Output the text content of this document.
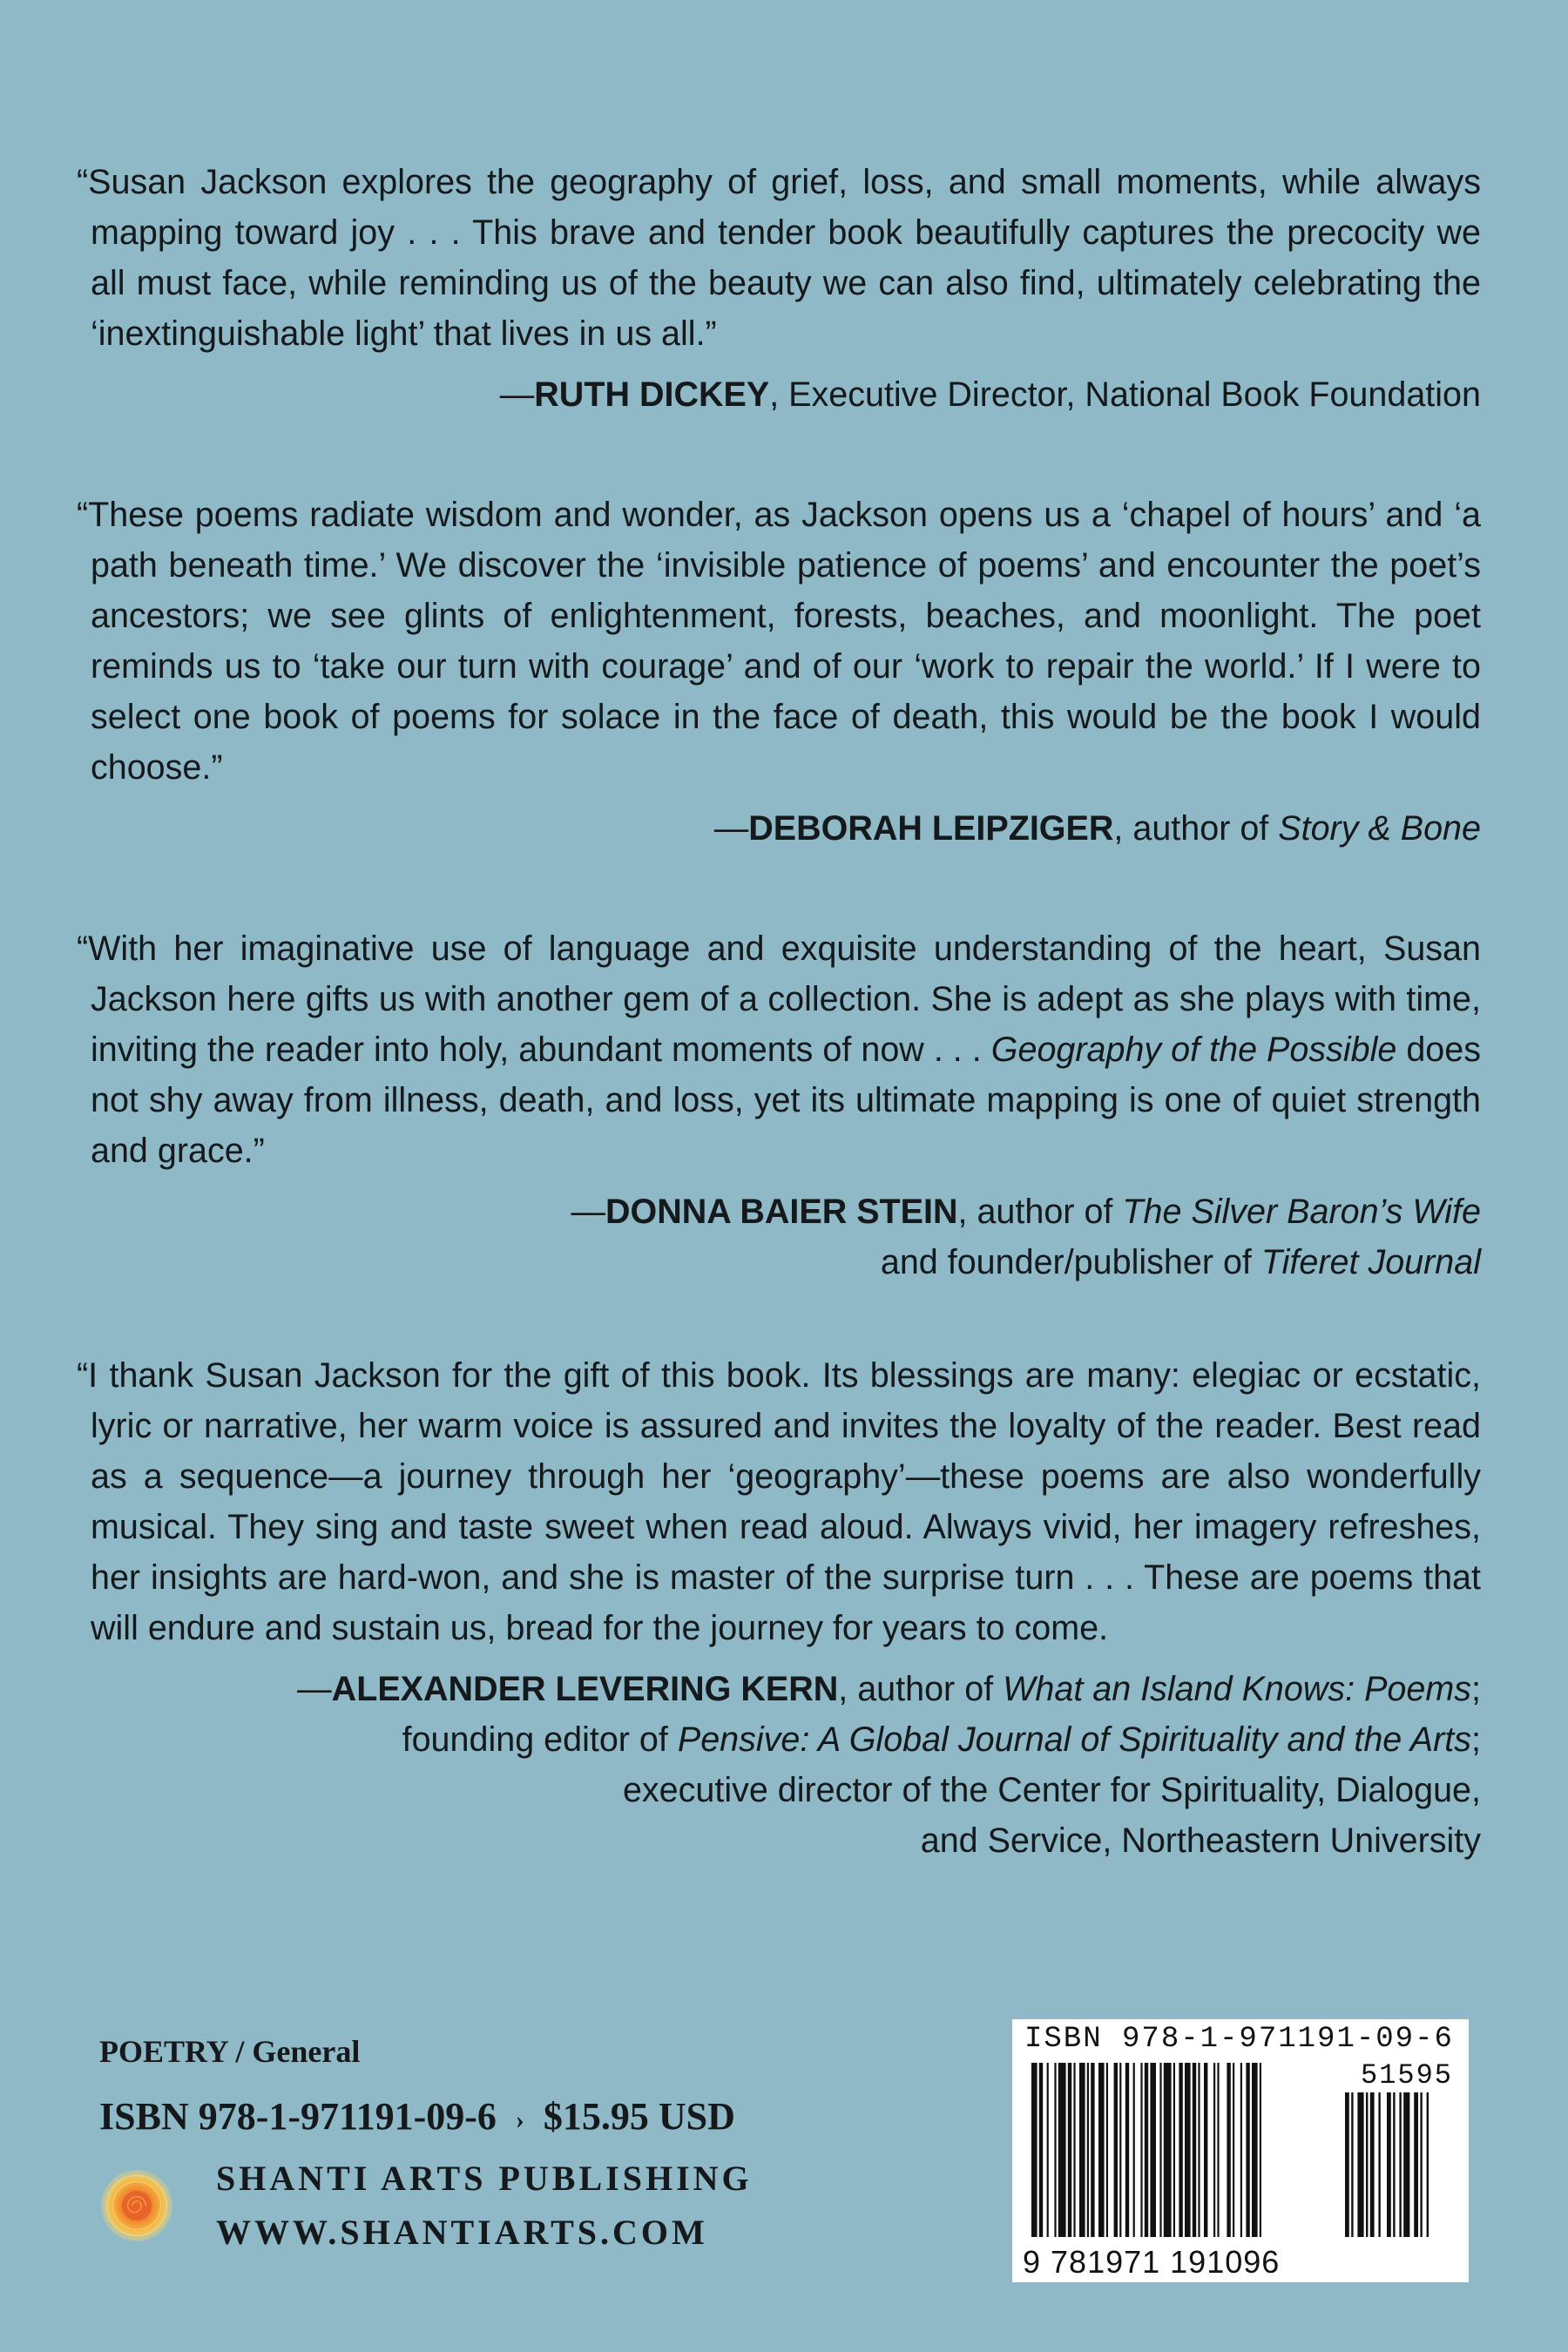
“Susan Jackson explores the geography of grief, loss, and small moments, while always mapping toward joy . . . This brave and tender book beautifully captures the precocity we all must face, while reminding us of the beauty we can also find, ultimately celebrating the ‘inextinguishable light’ that lives in us all.”

—RUTH DICKEY, Executive Director, National Book Foundation

“These poems radiate wisdom and wonder, as Jackson opens us a ‘chapel of hours’ and ‘a path beneath time.’ We discover the ‘invisible patience of poems’ and encounter the poet’s ancestors; we see glints of enlightenment, forests, beaches, and moonlight. The poet reminds us to ‘take our turn with courage’ and of our ‘work to repair the world.’ If I were to select one book of poems for solace in the face of death, this would be the book I would choose.”

—DEBORAH LEIPZIGER, author of Story & Bone

“With her imaginative use of language and exquisite understanding of the heart, Susan Jackson here gifts us with another gem of a collection. She is adept as she plays with time, inviting the reader into holy, abundant moments of now . . . Geography of the Possible does not shy away from illness, death, and loss, yet its ultimate mapping is one of quiet strength and grace.”

—DONNA BAIER STEIN, author of The Silver Baron’s Wife
and founder/publisher of Tiferet Journal

“I thank Susan Jackson for the gift of this book. Its blessings are many: elegiac or ecstatic, lyric or narrative, her warm voice is assured and invites the loyalty of the reader. Best read as a sequence—a journey through her ‘geography’—these poems are also wonderfully musical. They sing and taste sweet when read aloud. Always vivid, her imagery refreshes, her insights are hard-won, and she is master of the surprise turn . . . These are poems that will endure and sustain us, bread for the journey for years to come.

—ALEXANDER LEVERING KERN, author of What an Island Knows: Poems;
founding editor of Pensive: A Global Journal of Spirituality and the Arts;
executive director of the Center for Spirituality, Dialogue,
and Service, Northeastern University
POETRY / General
ISBN 978-1-971191-09-6 › $15.95 USD
SHANTI ARTS PUBLISHING
WWW.SHANTIARTS.COM
ISBN 978-1-971191-09-6
51595
9 781971 191096
